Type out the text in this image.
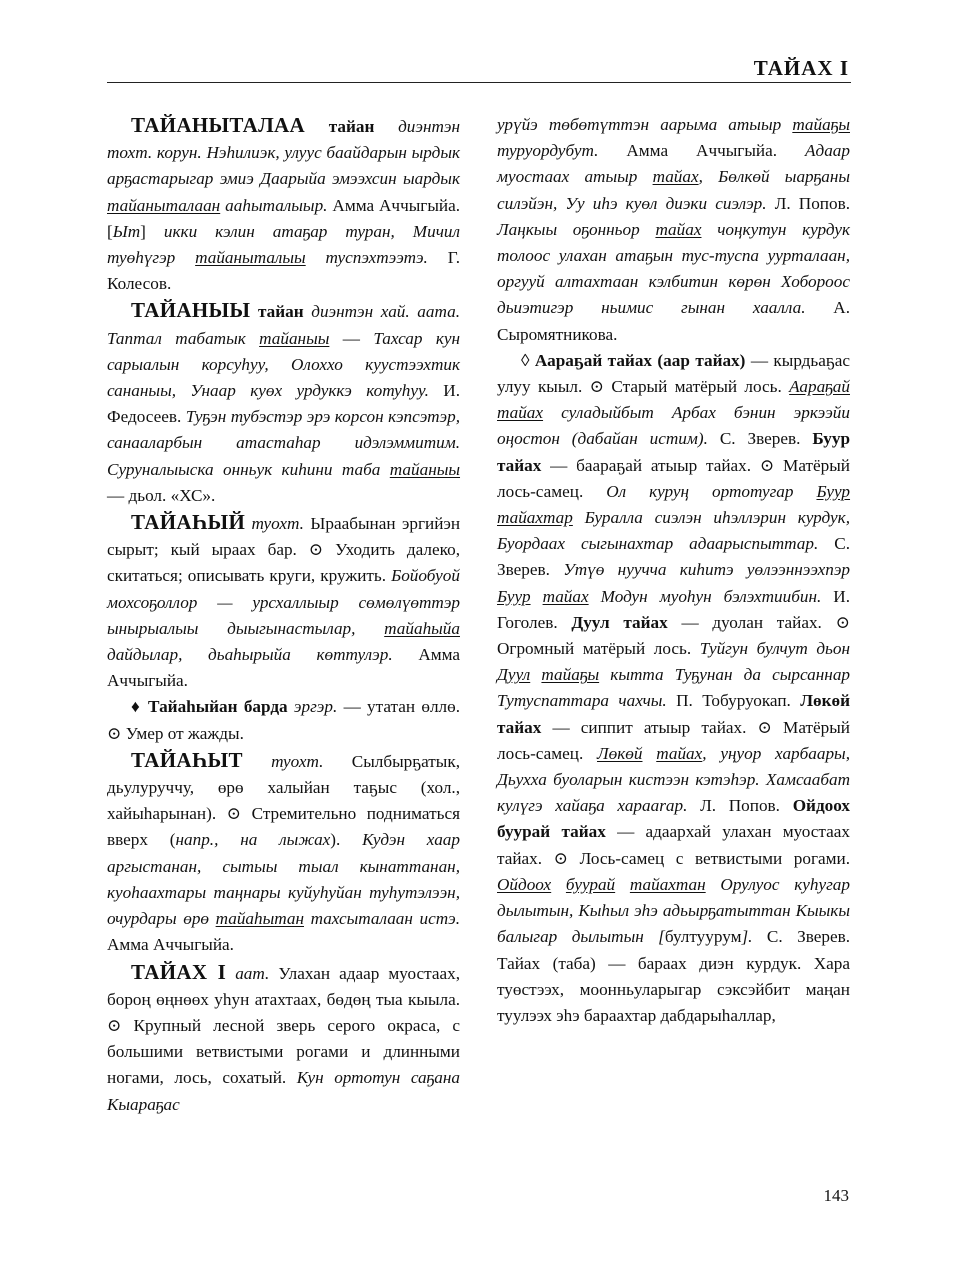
ТАЙАХ I

ТАЙАНЫТАЛАА тайан диэнтэн тохт. корун. Нэһилиэк, улуус баайдарын ырдык арҕастарыгар эмиэ Даарыйа эмээхсин ыардык тайаныталаан ааһыталыыр. Амма Аччыгыйа. [Ыт] икки кэлин атаҕар туран, Мичил туөһүгэр тайаныталыы туспэхтээтэ. Г. Колесов.

ТАЙАНЫЫ тайан диэнтэн хай. аата. Таптал табатык тайаныы — Тахсар кун сарыалын корсуhуу, Олоххо куустээхтик сананыы, Унаар куөх урдуккэ котуhуу. И. Федосеев. Туҕэн тубэстэр эрэ корсон кэпсэтэр, санааларбын атастаһар идэлэммитим. Суруналыыска онньук киһини таба тайаныы — дьол. «ХС».

ТАЙАҺЫЙ туохт. Ыраабынан эргийэн сырыт; кый ыраах бар. ⊙ Уходить далеко, скитаться; описывать круги, кружить. Бойобуой мохсоҕоллор — урсхаллыыр сөмөлүөттэр ынырыалыы дыыгынастылар, тайаһыйа дайдылар, дьаһырыйа көттулэр. Амма Аччыгыйа.

♦ Тайаһыйан барда эргэр. — утатан өллө. ⊙ Умер от жажды.

ТАЙАҺЫТ туохт. Сылбырҕатык, дьулуруччу, өрө халыйан таҕыс (хол., хайыһарынан). ⊙ Стремительно подниматься вверх (напр., на лыжах). Кудэн хаар аргыстанан, сытыы тыал кынаттанан, куоһаахтары таңнары куйуhуйан туhутэлээн, очурдары өрө тайаһытан тахсыталаан истэ. Амма Аччыгыйа.

ТАЙАХ I аат. Улахан адаар муостаах, бороң өңнөөх уhун атахтаах, бөдөң тыа кыыла. ⊙ Крупный лесной зверь серого окраса, с большими ветвистыми рогами и длинными ногами, лось, сохатый. Кун ортотун саҕана Кыараҕас

урүйэ төбөтүттэн аарыма атыыр тайаҕы туруордубут. Амма Аччыгыйа. Адаар муостаах атыыр тайах, Бөлкөй ыарҕаны силэйэн, Уу иhэ куөл диэки сиэлэр. Л. Попов. Лаңкыы оҕонньор тайах чоңкутун курдук толоос улахан атаҕын тус-туспа уурталаан, оргууй алтахтаан кэлбитин көрөн Хобороос дьиэтигэр ньимис гынан хаалла. А. Сыромятникова.

◊ Аараҕай тайах (аар тайах) — кырдьаҕас улуу кыыл. ⊙ Старый матёрый лось. Аараҕай тайах суладыйбыт Арбах бэнин эркээйи оңостон (дабайан истим). С. Зверев. Буур тайах — баараҕай атыыр тайах. ⊙ Матёрый лось-самец. Ол куруң ортотугар Буур тайахтар Буралла сиэлэн иһэллэрин курдук, Буордаах сыгынахтар адаарыспыттар. С. Зверев. Утүө нуучча киһитэ уөлээннээхпэр Буур тайах Модун муоһун бэлэхтиибин. И. Гоголев. Дуул тайах — дуолан тайах. ⊙ Огромный матёрый лось. Туйгун булчут дьон Дуул тайаҕы кытта Туҕунан да сырсаннар Тутуспаттара чахчы. П. Тобуруокап. Лөкөй тайах — сиппит атыыр тайах. ⊙ Матёрый лось-самец. Лөкөй тайах, уңуор харбаары, Дьухха буоларын кистээн кэтэһэр. Хамсаабат кулүгэ хайаҕа харааrар. Л. Попов. Ойдоох буурай тайах — адаархай улахан муостаах тайах. ⊙ Лось-самец с ветвистыми рогами. Ойдоох буурай тайахтан Орулуос куһугар дылытын, Кыһыл эһэ адьырҕатыттан Кыыкы балыгар дылытын [бултуурум]. С. Зверев. Тайах (таба) — бараах диэн курдук. Хара туөстээх, моонньуларыгар сэксэйбит маңан туулээх эһэ бараахтар дабдарыһаллар,

143
